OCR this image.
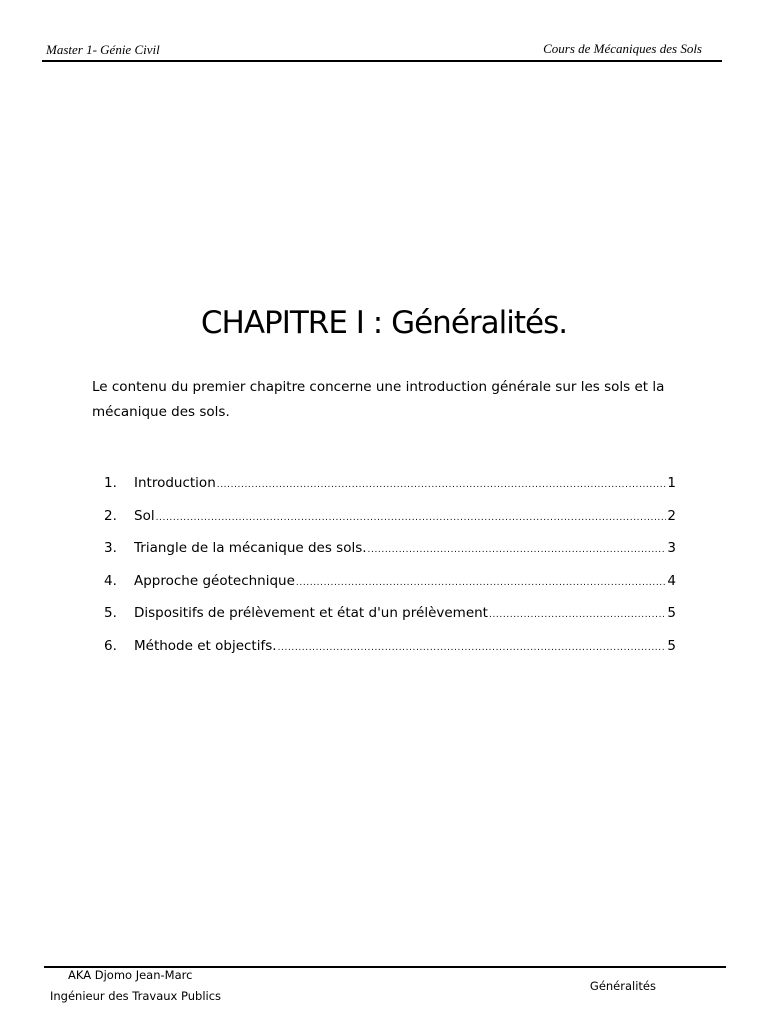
Master 1- Génie Civil	Cours de Mécaniques des Sols
CHAPITRE I : Généralités.
Le contenu du premier chapitre concerne une introduction générale sur les sols et la mécanique des sols.
1.	Introduction .....	1
2.	Sol .....	2
3.	Triangle de la mécanique des sols. .....	3
4.	Approche géotechnique .....	4
5.	Dispositifs de prélèvement et état d'un prélèvement .....	5
6.	Méthode et objectifs. .....	5
AKA Djomo Jean-Marc
Ingénieur des Travaux Publics
Généralités
